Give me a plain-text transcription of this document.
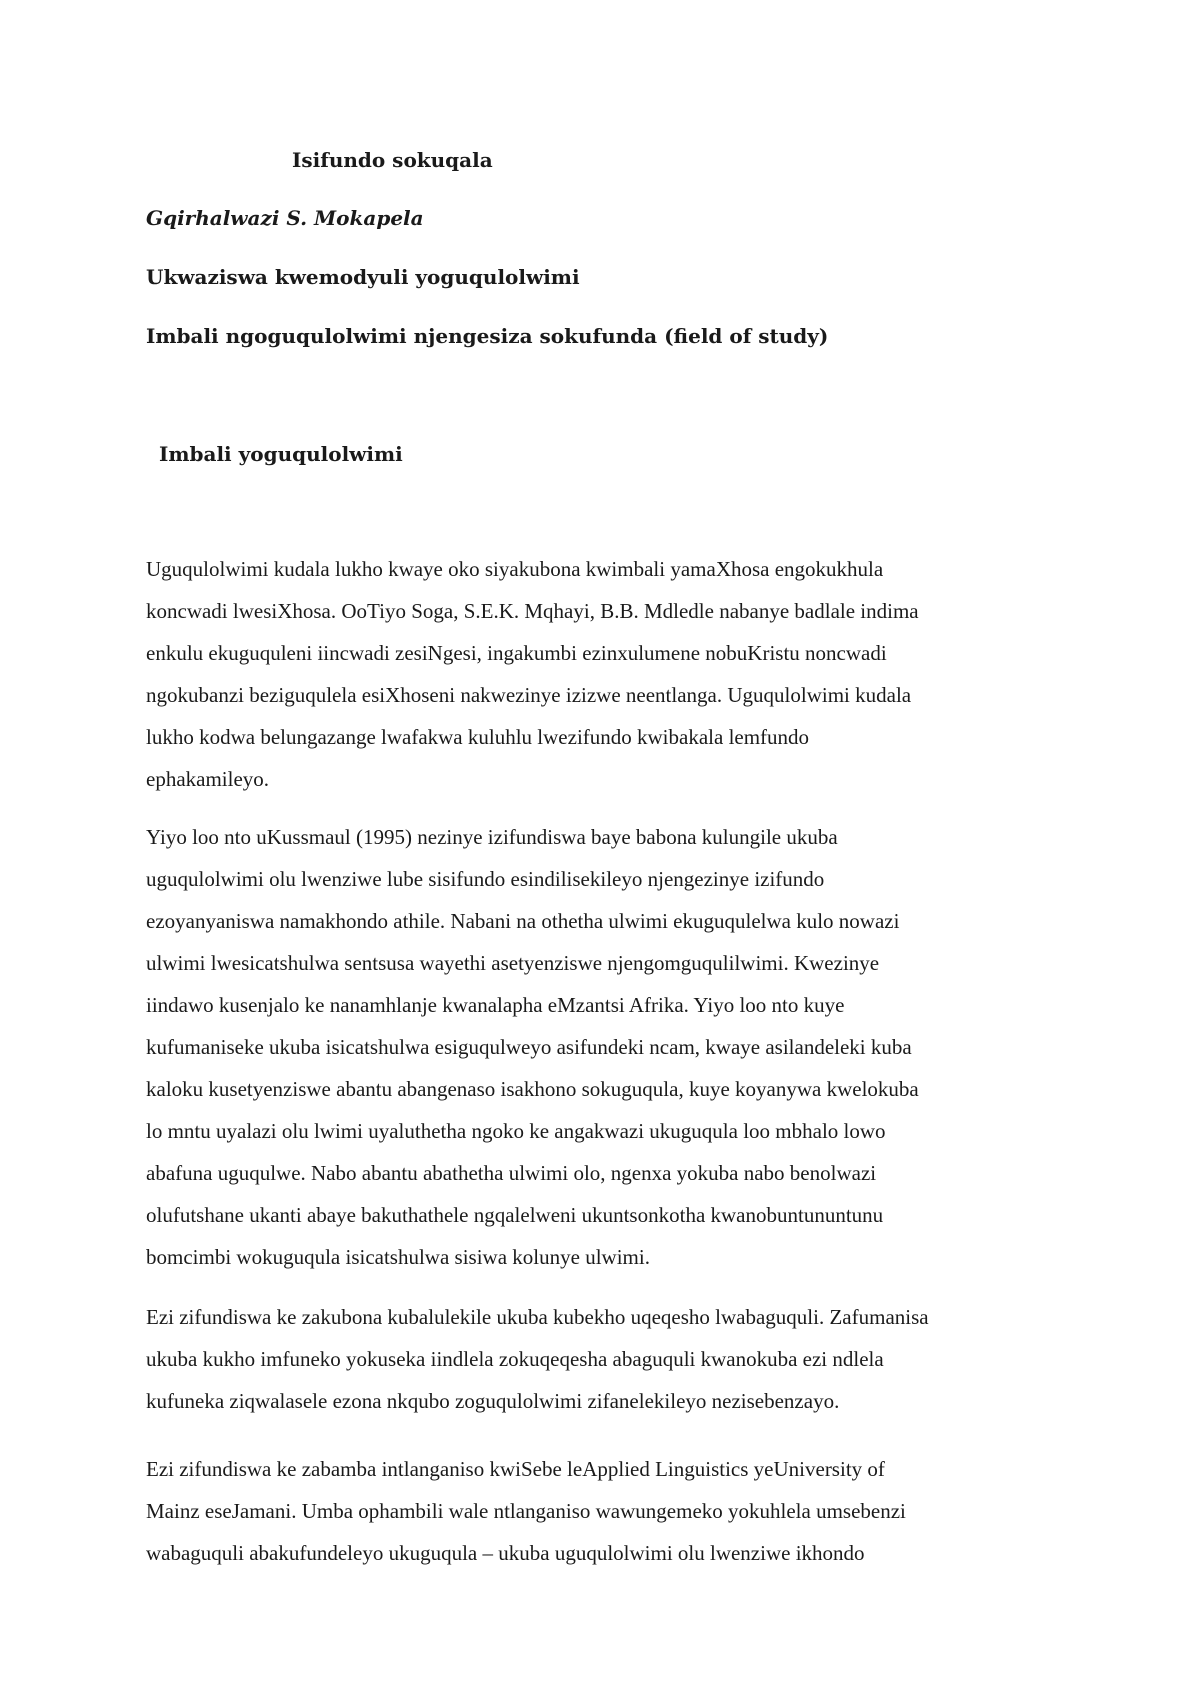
Isifundo sokuqala
Gqirhalwazi S. Mokapela
Ukwaziswa kwemodyuli yoguqulolwimi
Imbali ngoguqulolwimi njengesiza sokufunda (field of study)
Imbali yoguqulolwimi

Uguqulolwimi kudala lukho kwaye oko siyakubona kwimbali yamaXhosa engokukhula
koncwadi lwesiXhosa. OoTiyo Soga, S.E.K. Mqhayi, B.B. Mdledle nabanye badlale indima
enkulu ekuguquleni iincwadi zesiNgesi, ingakumbi ezinxulumene nobuKristu noncwadi
ngokubanzi beziguqulela esiXhoseni nakwezinye izizwe neentlanga. Uguqulolwimi kudala
lukho kodwa belungazange lwafakwa kuluhlu lwezifundo kwibakala lemfundo
ephakamileyo.

Yiyo loo nto uKussmaul (1995) nezinye izifundiswa baye babona kulungile ukuba
uguqulolwimi olu lwenziwe lube sisifundo esindilisekileyo njengezinye izifundo
ezoyanyaniswa namakhondo athile. Nabani na othetha ulwimi ekuguqulelwa kulo nowazi
ulwimi lwesicatshulwa sentsusa wayethi asetyenziswe njengomguqulilwimi. Kwezinye
iindawo kusenjalo ke nanamhlanje kwanalapha eMzantsi Afrika. Yiyo loo nto kuye
kufumaniseke ukuba isicatshulwa esiguqulweyo asifundeki ncam, kwaye asilandeleki kuba
kaloku kusetyenziswe abantu abangenaso isakhono sokuguqula, kuye koyanywa kwelokuba
lo mntu uyalazi olu lwimi uyaluthetha ngoko ke angakwazi ukuguqula loo mbhalo lowo
abafuna uguqulwe. Nabo abantu abathetha ulwimi olo, ngenxa yokuba nabo benolwazi
olufutshane ukanti abaye bakuthathele ngqalelweni ukuntsonkotha kwanobuntununtunu
bomcimbi wokuguqula isicatshulwa sisiwa kolunye ulwimi.

Ezi zifundiswa ke zakubona kubalulekile ukuba kubekho uqeqesho lwabaguquli. Zafumanisa
ukuba kukho imfuneko yokuseka iindlela zokuqeqesha abaguquli kwanokuba ezi ndlela
kufuneka ziqwalasele ezona nkqubo zoguqulolwimi zifanelekileyo nezisebenzayo.

Ezi zifundiswa ke zabamba intlanganiso kwiSebe leApplied Linguistics yeUniversity of
Mainz eseJamani. Umba ophambili wale ntlanganiso wawungemeko yokuhlela umsebenzi
wabaguquli abakufundeleyo ukuguqula – ukuba uguqulolwimi olu lwenziwe ikhondo
